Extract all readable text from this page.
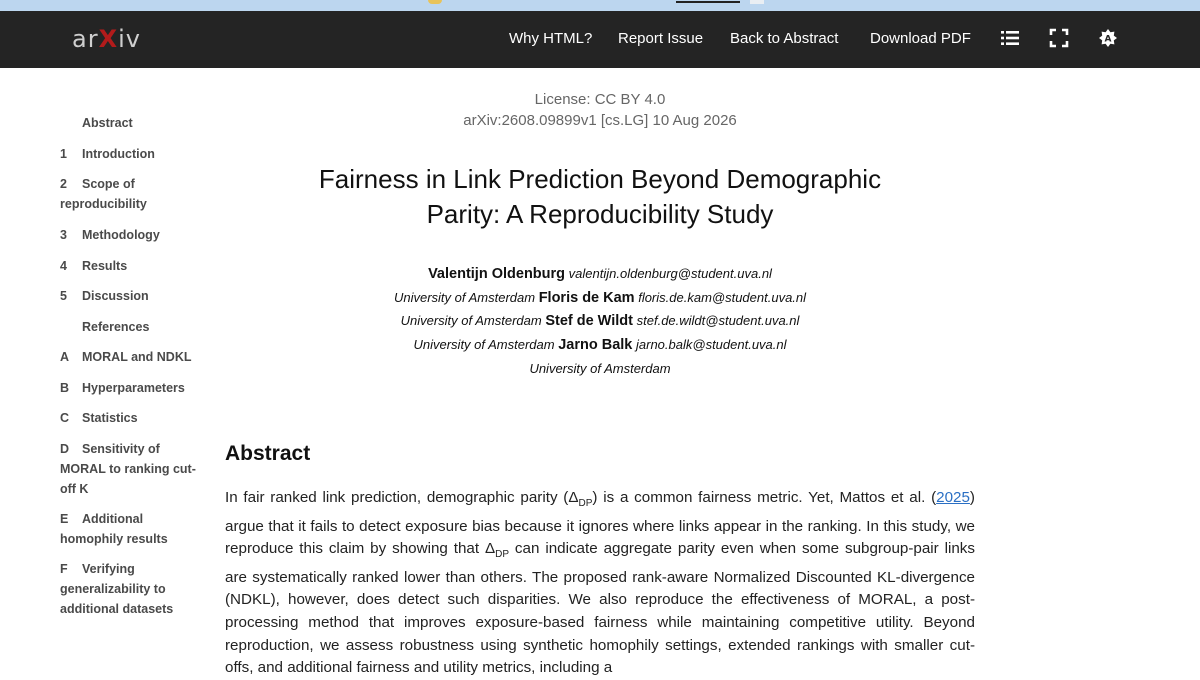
arXiv	Why HTML? Report Issue Back to Abstract Download PDF	A
Abstract
1 Introduction
2 Scope of reproducibility
3 Methodology
4 Results
5 Discussion
References
A MORAL and NDKL
B Hyperparameters
C Statistics
D Sensitivity of MORAL to ranking cut-off K
E Additional homophily results
F Verifying generalizability to additional datasets
License: CC BY 4.0
arXiv:2608.09899v1 [cs.LG] 10 Aug 2026
Fairness in Link Prediction Beyond Demographic Parity: A Reproducibility Study
Valentijn Oldenburg valentijn.oldenburg@student.uva.nl
University of Amsterdam Floris de Kam floris.de.kam@student.uva.nl
University of Amsterdam Stef de Wildt stef.de.wildt@student.uva.nl
University of Amsterdam Jarno Balk jarno.balk@student.uva.nl
University of Amsterdam
Abstract
In fair ranked link prediction, demographic parity $(\Delta_{DP})$ is a common fairness metric. Yet, Mattos et al. (2025) argue that it fails to detect exposure bias because it ignores where links appear in the ranking. In this study, we reproduce this claim by showing that $\Delta_{DP}$ can indicate aggregate parity even when some subgroup-pair links are systematically ranked lower than others. The proposed rank-aware Normalized Discounted KL-divergence (NDKL), however, does detect such disparities. We also reproduce the effectiveness of MORAL, a post-processing method that improves exposure-based fairness while maintaining competitive utility. Beyond reproduction, we assess robustness using synthetic homophily settings, extended rankings with smaller cut-offs, and additional fairness and utility metrics, including a
